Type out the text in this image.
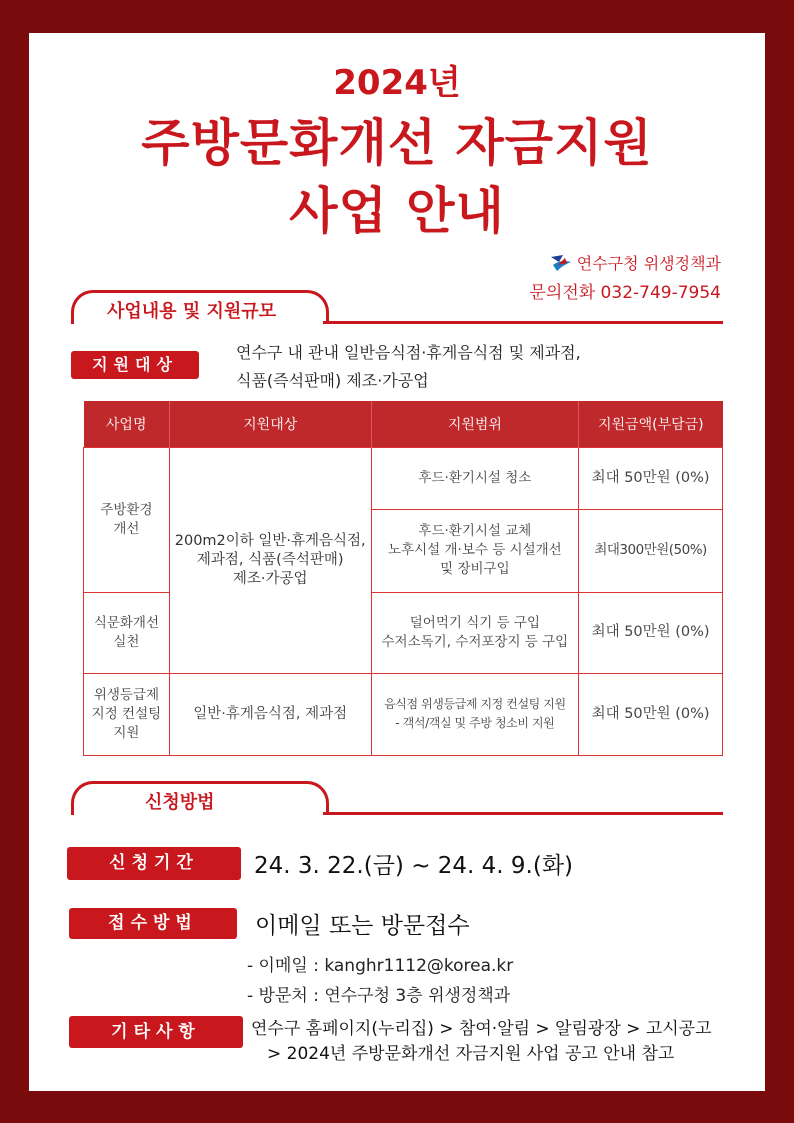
2024년
주방문화개선 자금지원
사업 안내
연수구청 위생정책과
문의전화 032-749-7954
사업내용 및 지원규모
지원대상
연수구 내 관내 일반음식점·휴게음식점 및 제과점,
식품(즉석판매) 제조·가공업
사업명	지원대상	지원범위	지원금액(부담금)
주방환경
개선	200m2이하 일반·휴게음식점,
제과점, 식품(즉석판매)
제조·가공업	후드·환기시설 청소	최대 50만원 (0%)
		후드·환기시설 교체
노후시설 개·보수 등 시설개선
및 장비구입	최대300만원(50%)
식문화개선
실천		덜어먹기 식기 등 구입
수저소독기, 수저포장지 등 구입	최대 50만원 (0%)
위생등급제
지정 컨설팅
지원	일반·휴게음식점, 제과점	음식점 위생등급제 지정 컨설팅 지원
- 객석/객실 및 주방 청소비 지원	최대 50만원 (0%)
신청방법
신청기간	24. 3. 22.(금) ~ 24. 4. 9.(화)
접수방법	이메일 또는 방문접수
- 이메일 : kanghr1112@korea.kr
- 방문처 : 연수구청 3층 위생정책과
기타사항	연수구 홈페이지(누리집) > 참여·알림 > 알림광장 > 고시공고
> 2024년 주방문화개선 자금지원 사업 공고 안내 참고
